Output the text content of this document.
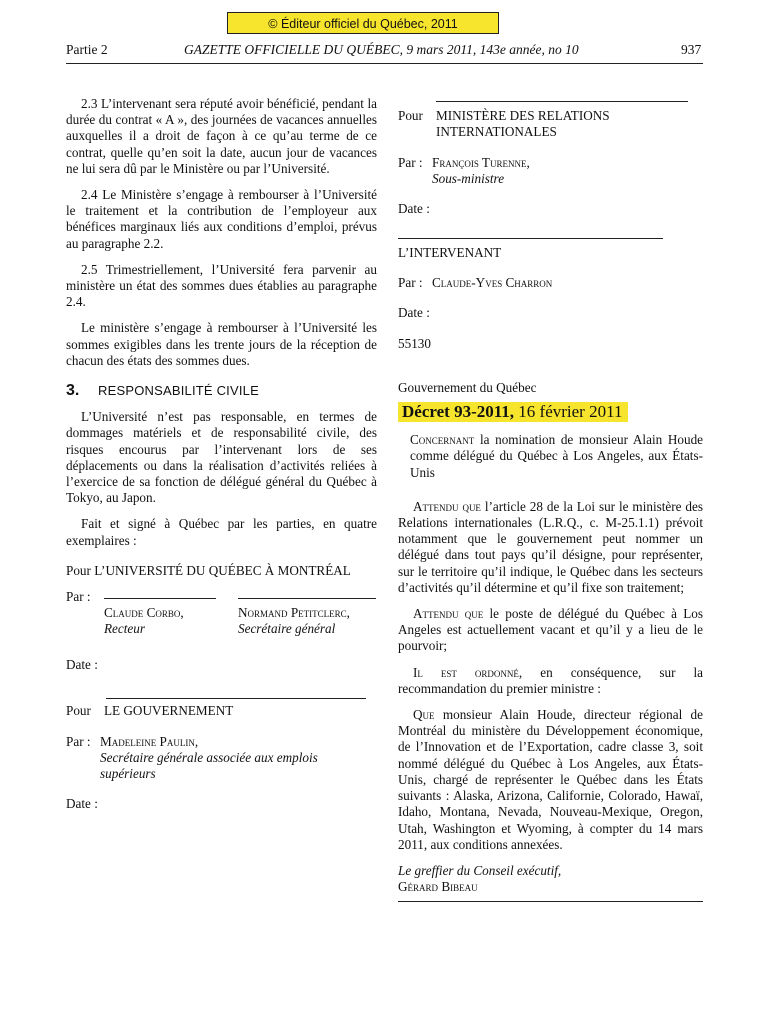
© Éditeur officiel du Québec, 2011
Partie 2	GAZETTE OFFICIELLE DU QUÉBEC, 9 mars 2011, 143e année, no 10	937

2.3 L’intervenant sera réputé avoir bénéficié, pendant la durée du contrat « A », des journées de vacances annuelles auxquelles il a droit de façon à ce qu’au terme de ce contrat, quelle qu’en soit la date, aucun jour de vacances ne lui sera dû par le Ministère ou par l’Université.

2.4 Le Ministère s’engage à rembourser à l’Université le traitement et la contribution de l’employeur aux bénéfices marginaux liés aux conditions d’emploi, prévus au paragraphe 2.2.

2.5 Trimestriellement, l’Université fera parvenir au ministère un état des sommes dues établies au paragraphe 2.4.

Le ministère s’engage à rembourser à l’Université les sommes exigibles dans les trente jours de la réception de chacun des états des sommes dues.

3.	RESPONSABILITÉ CIVILE

L’Université n’est pas responsable, en termes de dommages matériels et de responsabilité civile, des risques encourus par l’intervenant lors de ses déplacements ou dans la réalisation d’activités reliées à l’exercice de sa fonction de délégué général du Québec à Tokyo, au Japon.

Fait et signé à Québec par les parties, en quatre exemplaires :

Pour L’UNIVERSITÉ DU QUÉBEC À MONTRÉAL

Par :

Claude Corbo,
Recteur

Normand Petitclerc,
Secrétaire général
Date :
Pour LE GOUVERNEMENT
Par : Madeleine Paulin,
Secrétaire générale associée aux emplois supérieurs
Date :
Pour MINISTÈRE DES RELATIONS INTERNATIONALES
Par : François Turenne,
Sous-ministre
Date :
L’INTERVENANT
Par : Claude-Yves Charron
Date :
55130
Gouvernement du Québec
Décret 93-2011, 16 février 2011

Concernant la nomination de monsieur Alain Houde comme délégué du Québec à Los Angeles, aux États-Unis

Attendu que l’article 28 de la Loi sur le ministère des Relations internationales (L.R.Q., c. M-25.1.1) prévoit notamment que le gouvernement peut nommer un délégué dans tout pays qu’il désigne, pour représenter, sur le territoire qu’il indique, le Québec dans les secteurs d’activités qu’il détermine et qu’il fixe son traitement;

Attendu que le poste de délégué du Québec à Los Angeles est actuellement vacant et qu’il y a lieu de le pourvoir;

Il est ordonné, en conséquence, sur la recommandation du premier ministre :

Que monsieur Alain Houde, directeur régional de Montréal du ministère du Développement économique, de l’Innovation et de l’Exportation, cadre classe 3, soit nommé délégué du Québec à Los Angeles, aux États-Unis, chargé de représenter le Québec dans les États suivants : Alaska, Arizona, Californie, Colorado, Hawaï, Idaho, Montana, Nevada, Nouveau-Mexique, Oregon, Utah, Washington et Wyoming, à compter du 14 mars 2011, aux conditions annexées.

Le greffier du Conseil exécutif,
Gérard Bibeau
